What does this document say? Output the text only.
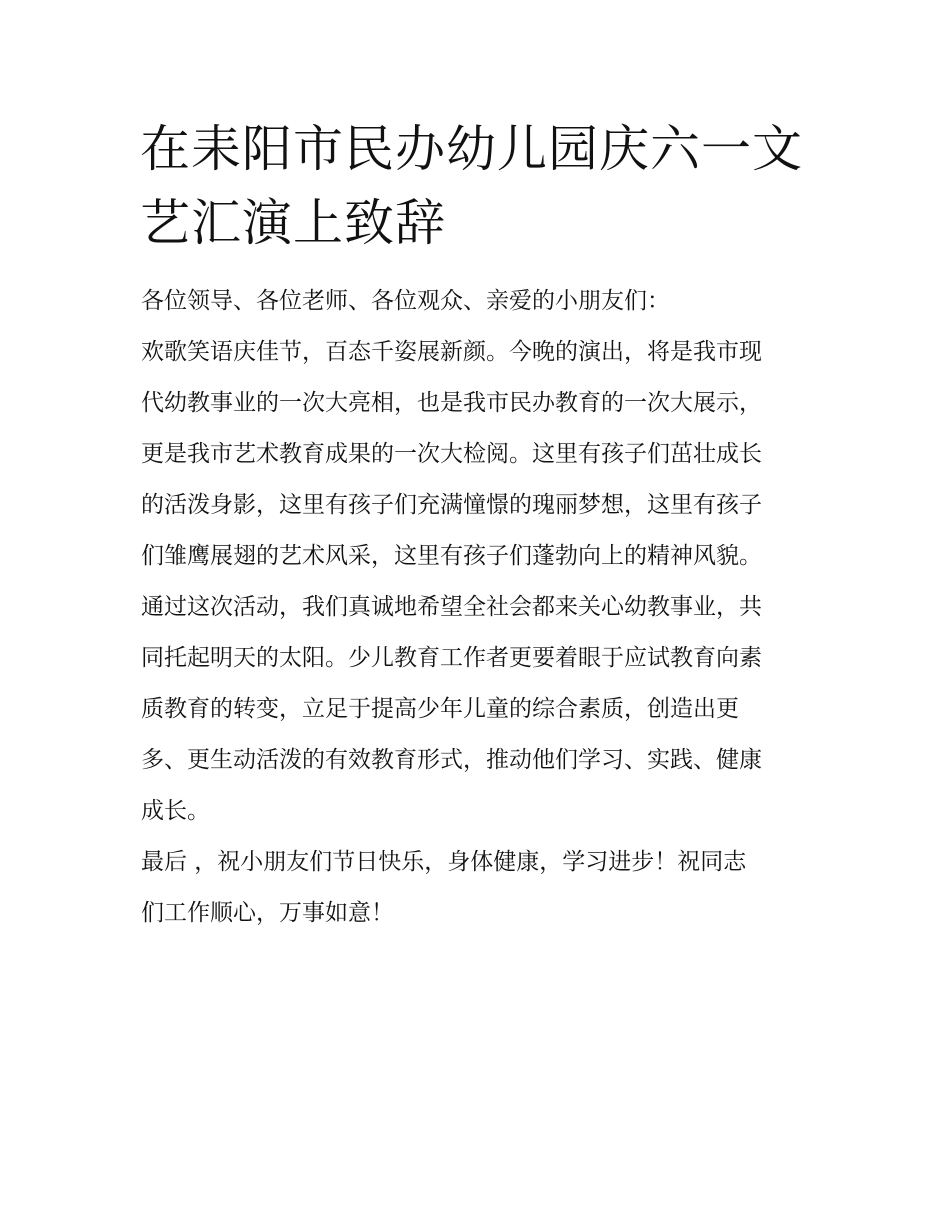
在耒阳市民办幼儿园庆六一文
艺汇演上致辞
各位领导、各位老师、各位观众、亲爱的小朋友们：
欢歌笑语庆佳节，百态千姿展新颜。今晚的演出，将是我市现
代幼教事业的一次大亮相，也是我市民办教育的一次大展示，
更是我市艺术教育成果的一次大检阅。这里有孩子们茁壮成长
的活泼身影，这里有孩子们充满憧憬的瑰丽梦想，这里有孩子
们雏鹰展翅的艺术风采，这里有孩子们蓬勃向上的精神风貌。
通过这次活动，我们真诚地希望全社会都来关心幼教事业，共
同托起明天的太阳。少儿教育工作者更要着眼于应试教育向素
质教育的转变，立足于提高少年儿童的综合素质，创造出更
多、更生动活泼的有效教育形式，推动他们学习、实践、健康
成长。
最后 ，祝小朋友们节日快乐，身体健康，学习进步！祝同志
们工作顺心，万事如意！
